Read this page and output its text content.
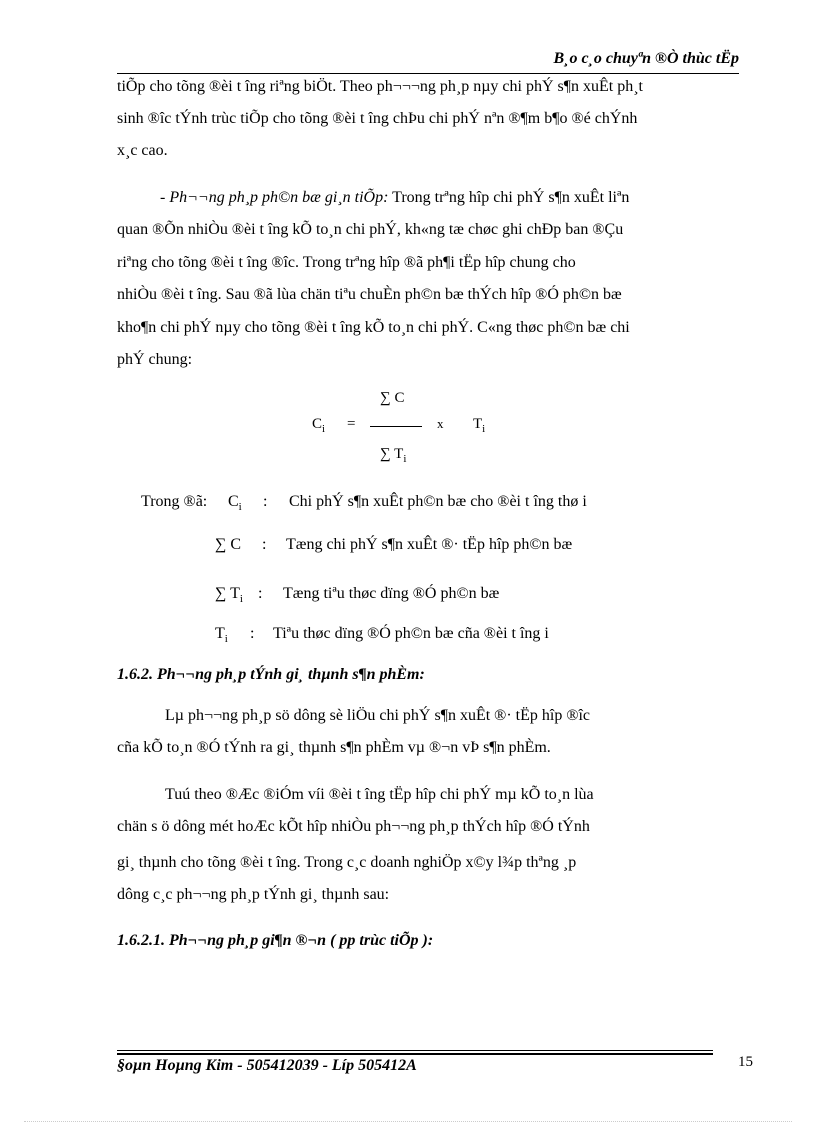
B¸o c¸o chuyªn ®Ò thùc tËp
tiÕp cho tõng ®èi t îng riªng biÖt. Theo ph¬¬¬ng ph¸p nµy chi phÝ s¶n xuÊt ph¸t
sinh ®îc tÝnh trùc tiÕp cho tõng ®èi t îng chÞu chi phÝ nªn ®¶m b¶o ®é chÝnh
x¸c cao.
- Ph¬¬ng ph¸p ph©n bæ gi¸n tiÕp: Trong trªng hîp chi phÝ s¶n xuÊt liªn
quan ®Õn nhiÒu ®èi t îng kÕ to¸n chi phÝ, kh«ng tæ chøc ghi chÐp ban ®Çu
riªng cho tõng ®èi t îng ®îc. Trong trªng hîp ®ã ph¶i tËp hîp chung cho
nhiÒu ®èi t îng. Sau ®ã lùa chän tiªu chuÈn ph©n bæ thÝch hîp ®Ó ph©n bæ
kho¶n chi phÝ nµy cho tõng ®èi t îng kÕ to¸n chi phÝ. C«ng thøc ph©n bæ chi
phÝ chung:
∑ C
$C_i$ =	x $T_i$
∑ $T_i$
Trong ®ã: $C_i$ : Chi phÝ s¶n xuÊt ph©n bæ cho ®èi t îng thø i
∑ C : Tæng chi phÝ s¶n xuÊt ®· tËp hîp ph©n bæ
∑ $T_i$ : Tæng tiªu thøc dïng ®Ó ph©n bæ
$T_i$ : Tiªu thøc dïng ®Ó ph©n bæ cña ®èi t îng i
1.6.2. Ph¬¬ng ph¸p tÝnh gi¸ thµnh s¶n phÈm:
Lµ ph¬¬ng ph¸p sö dông sè liÖu chi phÝ s¶n xuÊt ®· tËp hîp ®îc
cña kÕ to¸n ®Ó tÝnh ra gi¸ thµnh s¶n phÈm vµ ®¬n vÞ s¶n phÈm.
Tuú theo ®Æc ®iÓm víi ®èi t îng tËp hîp chi phÝ mµ kÕ to¸n lùa
chän s ö dông mét hoÆc kÕt hîp nhiÒu ph¬¬ng ph¸p thÝch hîp ®Ó tÝnh
gi¸ thµnh cho tõng ®èi t îng. Trong c¸c doanh nghiÖp x©y l¾p thªng ¸p
dông c¸c ph¬¬ng ph¸p tÝnh gi¸ thµnh sau:
1.6.2.1. Ph¬¬ng ph¸p gi¶n ®¬n ( pp trùc tiÕp ):
§oµn Hoµng Kim - 505412039 - Líp 505412A	15
